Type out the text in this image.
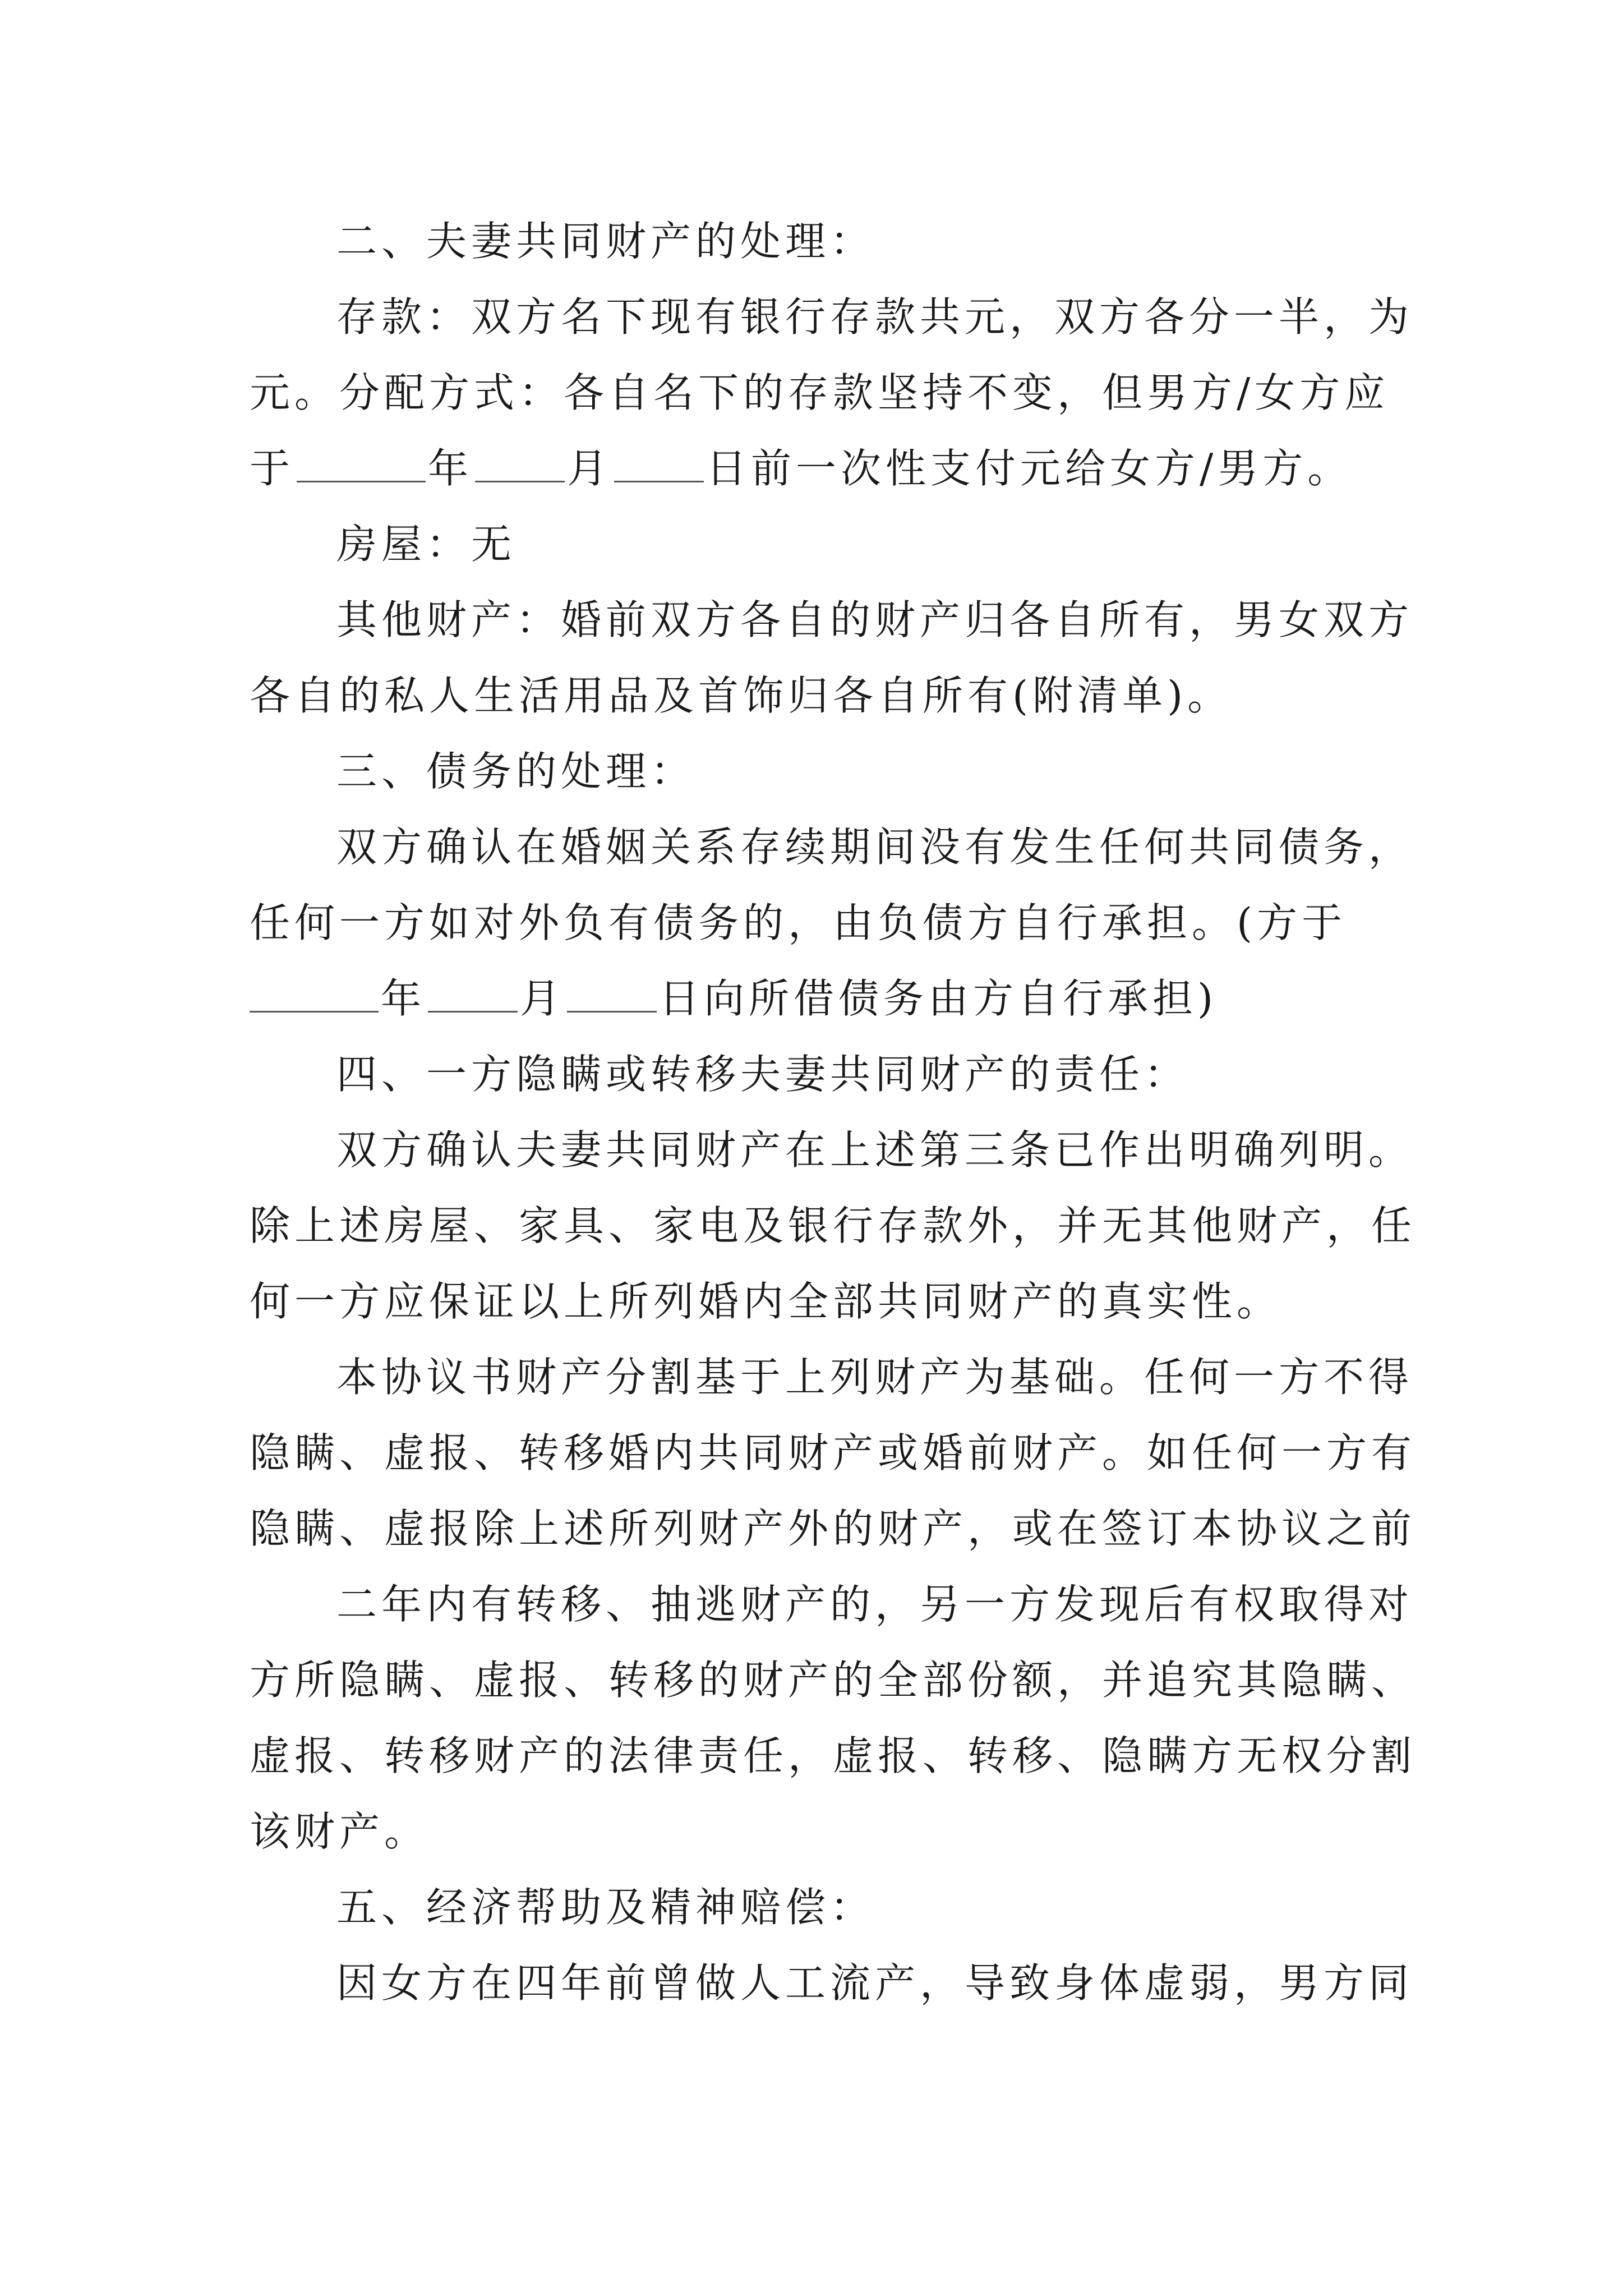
二、夫妻共同财产的处理：
存款：双方名下现有银行存款共元，双方各分一半，为
元。分配方式：各自名下的存款坚持不变，但男方/女方应
于	年 月 日前一次性支付元给女方/男方。
房屋：无
其他财产：婚前双方各自的财产归各自所有，男女双方
各自的私人生活用品及首饰归各自所有(附清单)。
三、债务的处理：
双方确认在婚姻关系存续期间没有发生任何共同债务，
任何一方如对外负有债务的，由负债方自行承担。(方于
年 月 日向所借债务由方自行承担)
四、一方隐瞒或转移夫妻共同财产的责任：
双方确认夫妻共同财产在上述第三条已作出明确列明。
除上述房屋、家具、家电及银行存款外，并无其他财产，任
何一方应保证以上所列婚内全部共同财产的真实性。
本协议书财产分割基于上列财产为基础。任何一方不得
隐瞒、虚报、转移婚内共同财产或婚前财产。如任何一方有
隐瞒、虚报除上述所列财产外的财产，或在签订本协议之前
二年内有转移、抽逃财产的，另一方发现后有权取得对
方所隐瞒、虚报、转移的财产的全部份额，并追究其隐瞒、
虚报、转移财产的法律责任，虚报、转移、隐瞒方无权分割
该财产。
五、经济帮助及精神赔偿：
因女方在四年前曾做人工流产，导致身体虚弱，男方同
